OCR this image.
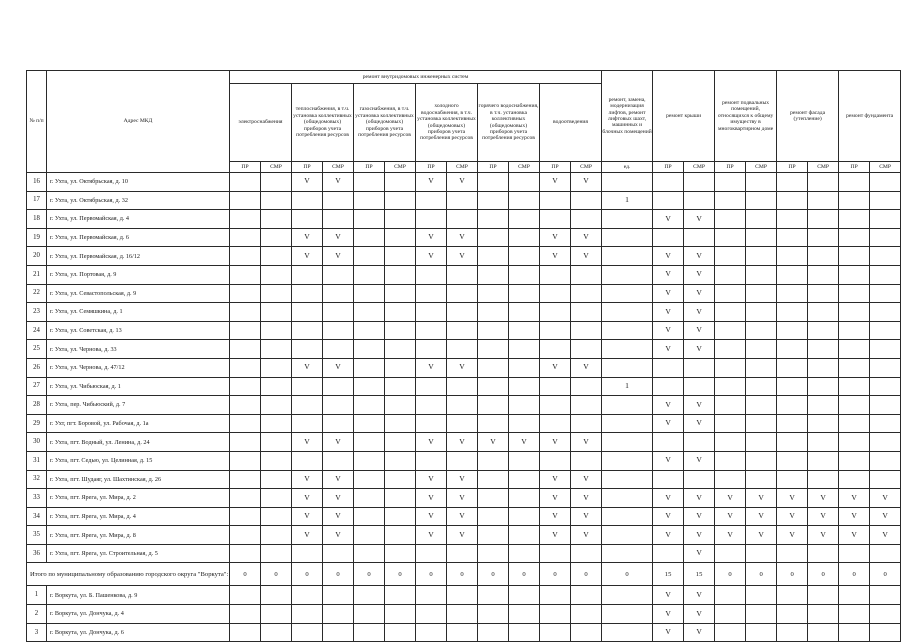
№ п/п	Адрес МКД	ремонт внутридомовых инженерных систем												ремонт, замена, модернизация лифтов, ремонт лифтовых шахт, машинных и блочных помещений	ремонт крыши		ремонт подвальных помещений, относящихся к общему имуществу в многоквартирном доме		ремонт фасада (утепление)		ремонт фундамента	
		электроснабжения		теплоснабжения, в т.ч. установка коллективных (общедомовых) приборов учета потребления ресурсов		газоснабжения, в т.ч. установка коллективных (общедомовых) приборов учета потребления ресурсов		холодного водоснабжения, в т.ч. установка коллективных (общедомовых) приборов учета потребления ресурсов		горячего водоснабжения, в т.ч. установка коллективных (общедомовых) приборов учета потребления ресурсов		водоотведения										
		ПР	СМР	ПР	СМР	ПР	СМР	ПР	СМР	ПР	СМР	ПР	СМР	ед.	ПР	СМР	ПР	СМР	ПР	СМР	ПР	СМР
16	г. Ухта, ул. Октябрьская, д. 10			V	V			V	V			V	V									
17	г. Ухта, ул. Октябрьская, д. 32													1								
18	г. Ухта, ул. Первомайская, д. 4														V	V						
19	г. Ухта, ул. Первомайская, д. 6			V	V			V	V			V	V									
20	г. Ухта, ул. Первомайская, д. 16/12			V	V			V	V			V	V		V	V						
21	г. Ухта, ул. Портовая, д. 9														V	V						
22	г. Ухта, ул. Севастопольская, д. 9														V	V						
23	г. Ухта, ул. Семяшкина, д. 1														V	V						
24	г. Ухта, ул. Советская, д. 13														V	V						
25	г. Ухта, ул. Чернова, д. 33														V	V						
26	г. Ухта, ул. Чернова, д. 47/12			V	V			V	V			V	V									
27	г. Ухта, ул. Чибьюская, д. 1													1								
28	г. Ухта, пер. Чибьюский, д. 7														V	V						
29	г. Ухт, пгт. Боровой, ул. Рабочая, д. 1а														V	V						
30	г. Ухта, пгт. Водный, ул. Ленина, д. 24			V	V			V	V	V	V	V	V									
31	г. Ухта, пгт. Седью, ул. Целинная, д. 15														V	V						
32	г. Ухта, пгт. Шудаяг, ул. Шахтинская, д. 26			V	V			V	V			V	V									
33	г. Ухта, пгт. Ярега, ул. Мира, д. 2			V	V			V	V			V	V		V	V	V	V	V	V	V	V
34	г. Ухта, пгт. Ярега, ул. Мира, д. 4			V	V			V	V			V	V		V	V	V	V	V	V	V	V
35	г. Ухта, пгт. Ярега, ул. Мира, д. 8			V	V			V	V			V	V		V	V	V	V	V	V	V	V
36	г. Ухта, пгт. Ярега, ул. Строительная, д. 5															V						
Итого по муниципальному образованию городского округа "Воркута":		0	0	0	0	0	0	0	0	0	0	0	0	0	15	15	0	0	0	0	0	0
1	г. Воркута, ул. Б. Пашенкова, д. 9														V	V						
2	г. Воркута, ул. Дончука, д. 4														V	V						
3	г. Воркута, ул. Дончука, д. 6														V	V						
